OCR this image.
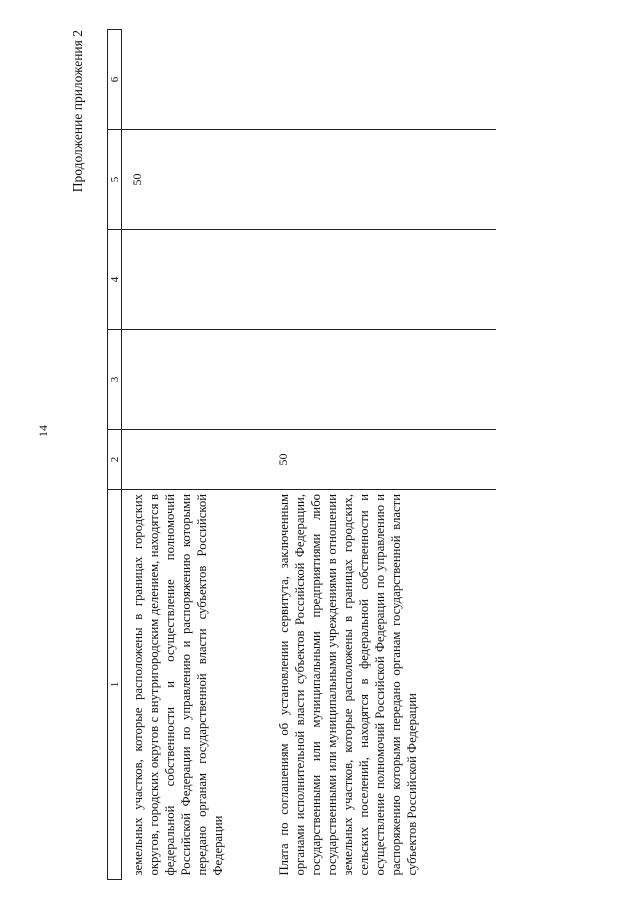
14
Продолжение приложения 2
1	2	3	4	5	6
земельных участков, которые расположены в границах городских округов, городских округов с внутригородским делением, находятся в федеральной собственности и осуществление полномочий Российской Федерации по управлению и распоряжению которыми передано органам государственной власти субъектов Российской Федерации				50	
Плата по соглашениям об установлении сервитута, заключенным органами исполнительной власти субъектов Российской Федерации, государственными или муниципальными предприятиями либо государственными или муниципальными учреждениями в отношении земельных участков, которые расположены в границах городских, сельских поселений, находятся в федеральной собственности и осуществление полномочий Российской Федерации по управлению и распоряжению которыми передано органам государственной власти субъектов Российской Федерации	50				
